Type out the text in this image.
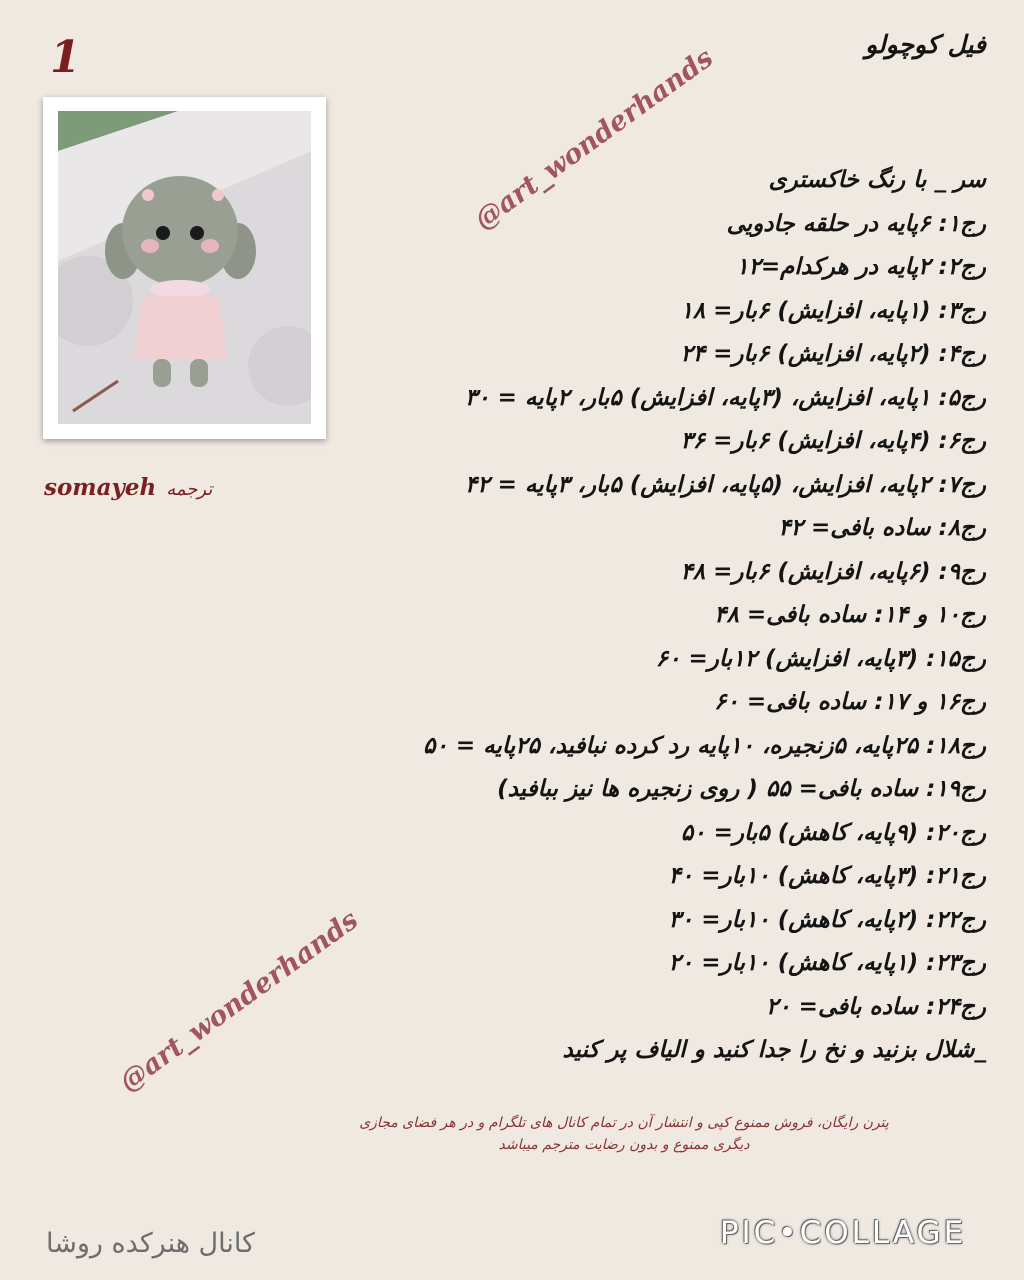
1	فیل کوچولو
somayeh ترجمه
@art_wonderhands
@art_wonderhands
سر _ با رنگ خاکستری
رج۱: ۶پایه در حلقه جادویی
رج۲: ۲پایه در هرکدام=۱۲
رج۳: (۱پایه، افزایش) ۶بار= ۱۸
رج۴: (۲پایه، افزایش) ۶بار= ۲۴
رج۵: ۱پایه، افزایش، (۳پایه، افزایش) ۵بار، ۲پایه = ۳۰
رج۶: (۴پایه، افزایش) ۶بار= ۳۶
رج۷: ۲پایه، افزایش، (۵پایه، افزایش) ۵بار، ۳پایه = ۴۲
رج۸: ساده بافی= ۴۲
رج۹: (۶پایه، افزایش) ۶بار= ۴۸
رج۱۰ و ۱۴: ساده بافی= ۴۸
رج۱۵: (۳پایه، افزایش) ۱۲بار= ۶۰
رج۱۶ و ۱۷: ساده بافی= ۶۰
رج۱۸: ۲۵پایه، ۵زنجیره، ۱۰پایه رد کرده نبافید، ۲۵پایه = ۵۰
رج۱۹: ساده بافی= ۵۵ ( روی زنجیره ها نیز ببافید)
رج۲۰: (۹پایه، کاهش) ۵بار= ۵۰
رج۲۱: (۳پایه، کاهش) ۱۰بار= ۴۰
رج۲۲: (۲پایه، کاهش) ۱۰بار= ۳۰
رج۲۳: (۱پایه، کاهش) ۱۰بار= ۲۰
رج۲۴: ساده بافی= ۲۰
_شلال بزنید و نخ را جدا کنید و الیاف پر کنید
پترن رایگان، فروش ممنوع کپی و انتشار آن در تمام کانال های تلگرام و در هر فضای مجازی
دیگری ممنوع و بدون رضایت مترجم میباشد
کانال هنرکده روشا	PIC•COLLAGE
